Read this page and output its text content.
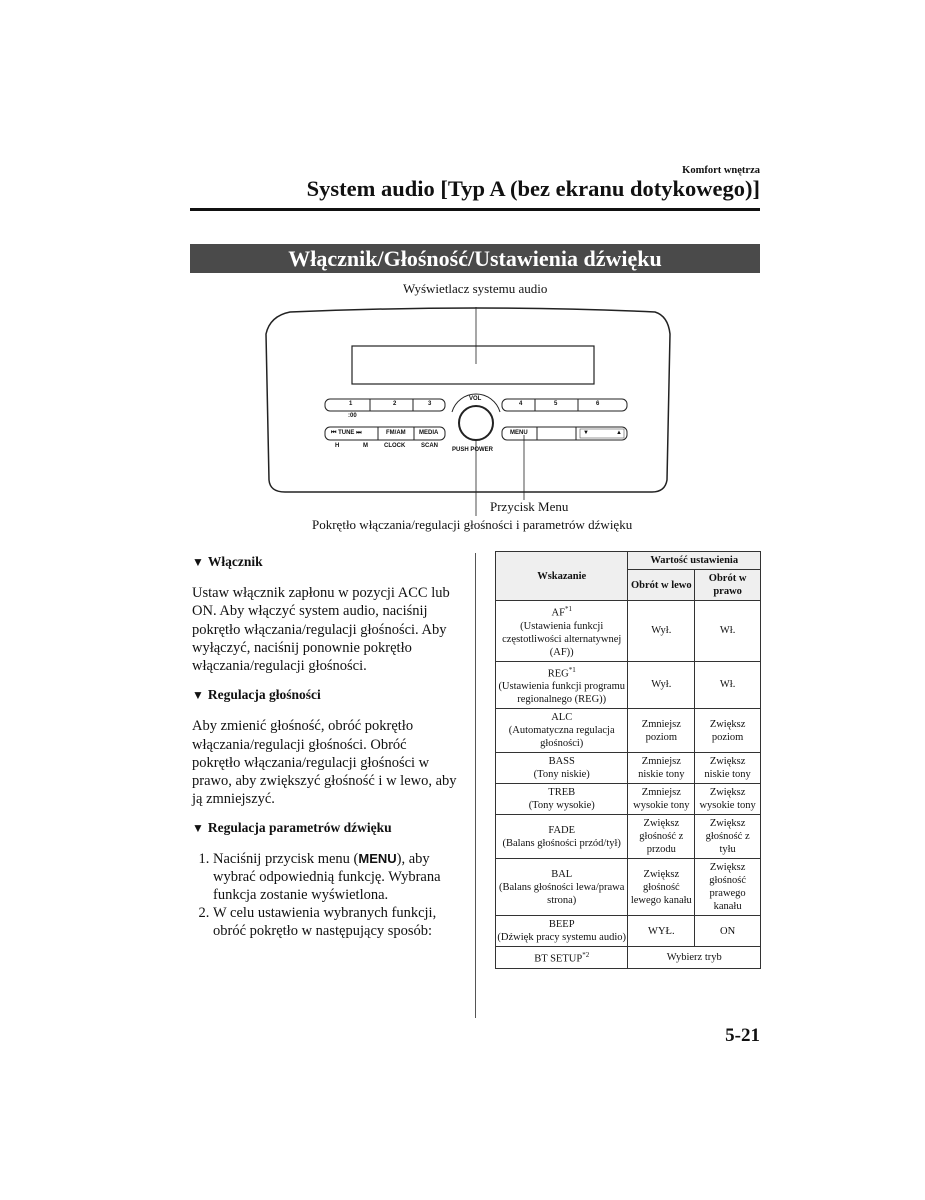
Komfort wnętrza
System audio [Typ A (bez ekranu dotykowego)]
Włącznik/Głośność/Ustawienia dźwięku
Wyświetlacz systemu audio
VOL
1	2	3	4	5	6
:00
⏮ TUNE ⏭	FM/AM MEDIA
H	M	CLOCK	SCAN
PUSH POWER
MENU	▼	▲
Przycisk Menu
Pokrętło włączania/regulacji głośności i parametrów dźwięku
▼ Włącznik

Ustaw włącznik zapłonu w pozycji ACC lub ON. Aby włączyć system audio, naciśnij pokrętło włączania/regulacji głośności. Aby wyłączyć, naciśnij ponownie pokrętło włączania/regulacji głośności.

▼ Regulacja głośności

Aby zmienić głośność, obróć pokrętło włączania/regulacji głośności. Obróć pokrętło włączania/regulacji głośności w prawo, aby zwiększyć głośność i w lewo, aby ją zmniejszyć.

▼ Regulacja parametrów dźwięku
1. Naciśnij przycisk menu (MENU), aby wybrać odpowiednią funkcję. Wybrana funkcja zostanie wyświetlona.
2. W celu ustawienia wybranych funkcji, obróć pokrętło w następujący sposób:
Wskazanie	Wartość ustawienia	
	Obrót w lewo	Obrót w prawo
AF$^{*1}$
(Ustawienia funkcji częstotliwości alternatywnej (AF))	Wył.	Wł.
REG$^{*1}$
(Ustawienia funkcji programu regionalnego (REG))	Wył.	Wł.
ALC
(Automatyczna regulacja głośności)	Zmniejsz poziom	Zwiększ poziom
BASS
(Tony niskie)	Zmniejsz niskie tony	Zwiększ niskie tony
TREB
(Tony wysokie)	Zmniejsz wysokie tony	Zwiększ wysokie tony
FADE
(Balans głośności przód/tył)	Zwiększ głośność z przodu	Zwiększ głośność z tyłu
BAL
(Balans głośności lewa/prawa strona)	Zwiększ głośność lewego kanału	Zwiększ głośność prawego kanału
BEEP
(Dźwięk pracy systemu audio)	WYŁ.	ON
BT SETUP$^{*2}$	Wybierz tryb	
5-21
